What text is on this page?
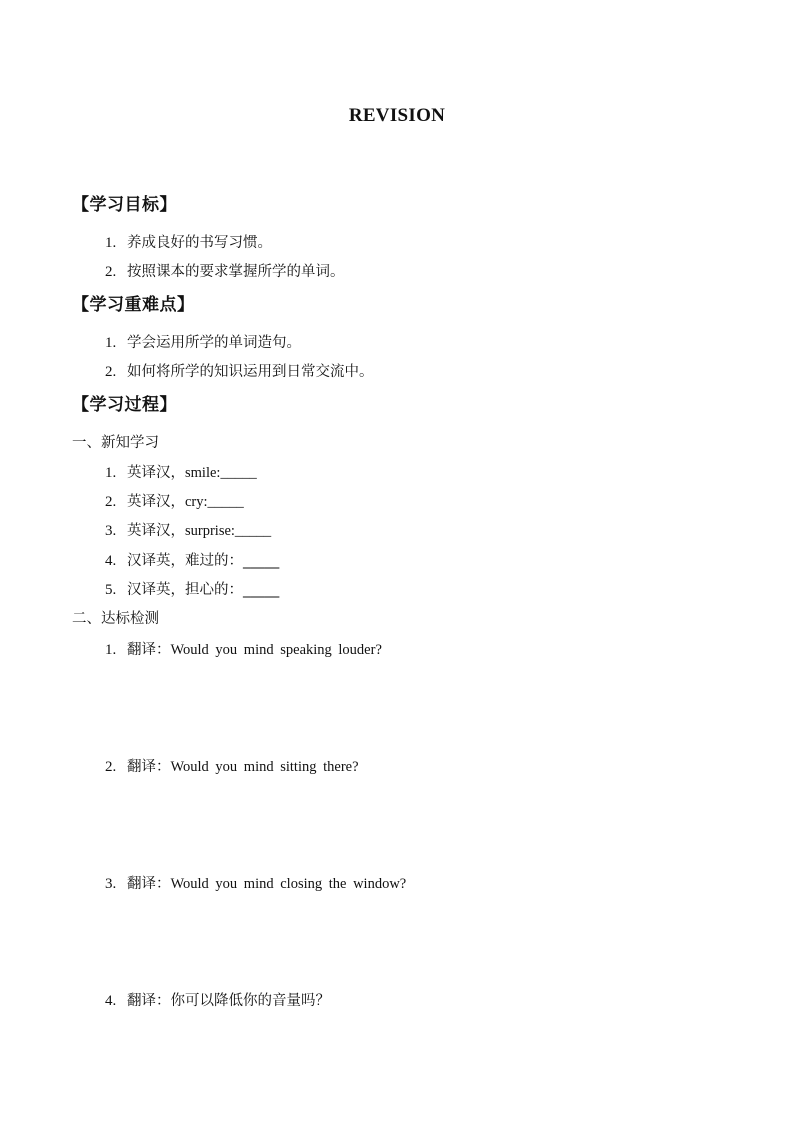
REVISION
【学习目标】
1. 养成良好的书写习惯。
2. 按照课本的要求掌握所学的单词。
【学习重难点】
1. 学会运用所学的单词造句。
2. 如何将所学的知识运用到日常交流中。
【学习过程】
一、新知学习
1. 英译汉，smile:_____
2. 英译汉，cry:_____
3. 英译汉，surprise:_____
4. 汉译英，难过的：_____
5. 汉译英，担心的：_____
二、达标检测
1. 翻译：Would you mind speaking louder?
2. 翻译：Would you mind sitting there?
3. 翻译：Would you mind closing the window?
4. 翻译：你可以降低你的音量吗？
